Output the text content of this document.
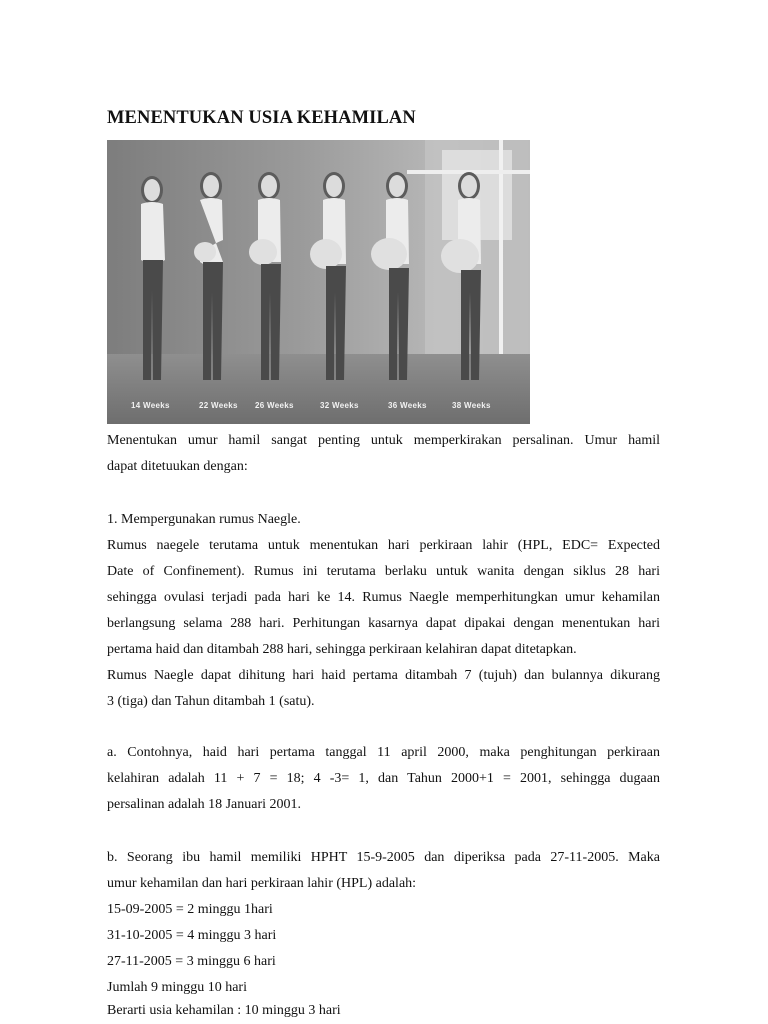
MENENTUKAN USIA KEHAMILAN
14 Weeks	22 Weeks 26 Weeks	32 Weeks	36 Weeks	38 Weeks

Menentukan umur hamil sangat penting untuk memperkirakan persalinan. Umur hamil

dapat ditetuukan dengan:

1. Mempergunakan rumus Naegle.

Rumus naegele terutama untuk menentukan hari perkiraan lahir (HPL, EDC= Expected

Date of Confinement). Rumus ini terutama berlaku untuk wanita dengan siklus 28 hari

sehingga ovulasi terjadi pada hari ke 14. Rumus Naegle memperhitungkan umur kehamilan

berlangsung selama 288 hari. Perhitungan kasarnya dapat dipakai dengan menentukan hari

pertama haid dan ditambah 288 hari, sehingga perkiraan kelahiran dapat ditetapkan.

Rumus Naegle dapat dihitung hari haid pertama ditambah 7 (tujuh) dan bulannya dikurang

3 (tiga) dan Tahun ditambah 1 (satu).

a. Contohnya, haid hari pertama tanggal 11 april 2000, maka penghitungan perkiraan

kelahiran adalah 11 + 7 = 18; 4 -3= 1, dan Tahun 2000+1 = 2001, sehingga dugaan

persalinan adalah 18 Januari 2001.

b. Seorang ibu hamil memiliki HPHT 15-9-2005 dan diperiksa pada 27-11-2005. Maka

umur kehamilan dan hari perkiraan lahir (HPL) adalah:

15-09-2005 = 2 minggu 1hari

31-10-2005 = 4 minggu 3 hari

27-11-2005 = 3 minggu 6 hari

Jumlah 9 minggu 10 hari

Berarti usia kehamilan : 10 minggu 3 hari
